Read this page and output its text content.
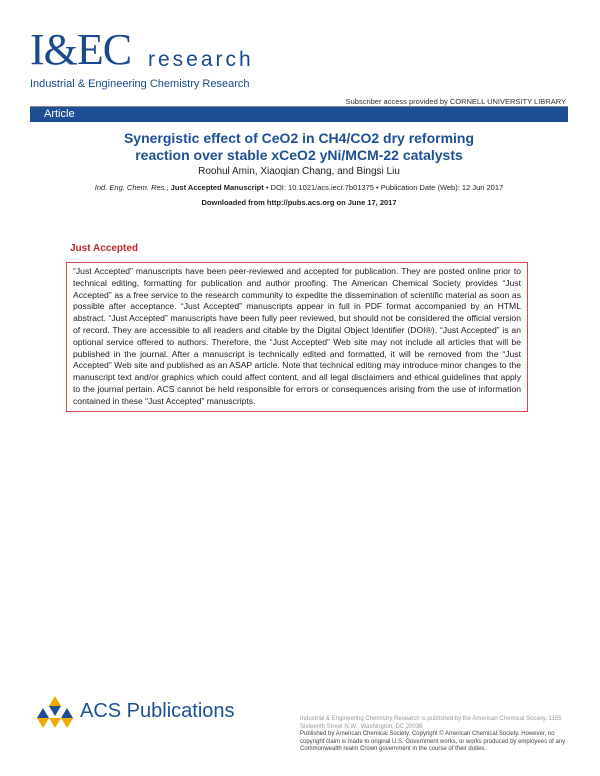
I&EC research
Industrial & Engineering Chemistry Research
Subscriber access provided by CORNELL UNIVERSITY LIBRARY
Article
Synergistic effect of CeO2 in CH4/CO2 dry reforming
reaction over stable xCeO2 yNi/MCM-22 catalysts
Roohul Amin, Xiaoqian Chang, and Bingsi Liu
Ind. Eng. Chem. Res., Just Accepted Manuscript • DOI: 10.1021/acs.iecr.7b01375 • Publication Date (Web): 12 Jun 2017
Downloaded from http://pubs.acs.org on June 17, 2017
Just Accepted
“Just Accepted” manuscripts have been peer-reviewed and accepted for publication. They are posted online prior to technical editing, formatting for publication and author proofing. The American Chemical Society provides “Just Accepted” as a free service to the research community to expedite the dissemination of scientific material as soon as possible after acceptance. “Just Accepted” manuscripts appear in full in PDF format accompanied by an HTML abstract. “Just Accepted” manuscripts have been fully peer reviewed, but should not be considered the official version of record. They are accessible to all readers and citable by the Digital Object Identifier (DOI®). “Just Accepted” is an optional service offered to authors. Therefore, the “Just Accepted” Web site may not include all articles that will be published in the journal. After a manuscript is technically edited and formatted, it will be removed from the “Just Accepted” Web site and published as an ASAP article. Note that technical editing may introduce minor changes to the manuscript text and/or graphics which could affect content, and all legal disclaimers and ethical guidelines that apply to the journal pertain. ACS cannot be held responsible for errors or consequences arising from the use of information contained in these “Just Accepted” manuscripts.
ACS Publications	Industrial & Engineering Chemistry Research is published by the American Chemical Society. 1155 Sixteenth Street N.W., Washington, DC 20036
Published by American Chemical Society. Copyright © American Chemical Society. However, no copyright claim is made to original U.S. Government works, or works produced by employees of any Commonwealth realm Crown government in the course of their duties.
